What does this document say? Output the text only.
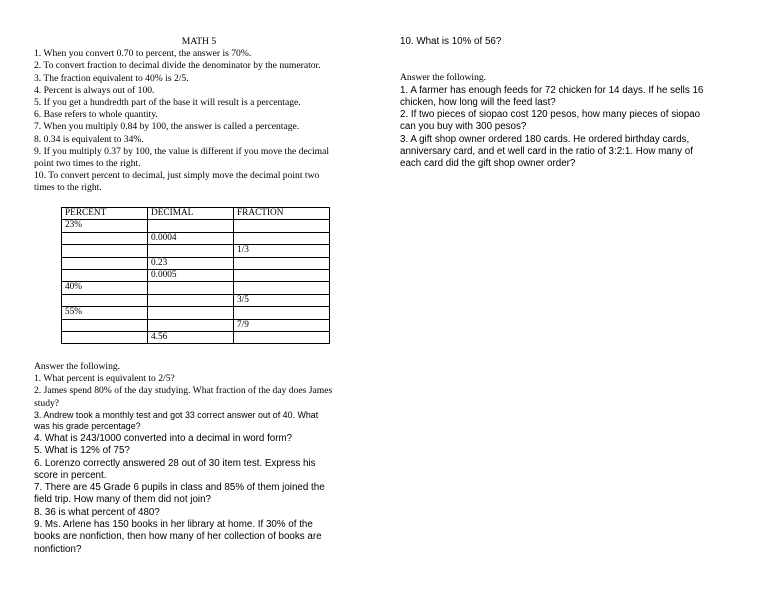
MATH 5
1. When you convert 0.70 to percent, the answer is 70%.
2. To convert fraction to decimal divide the denominator by the numerator.
3. The fraction equivalent to 40% is 2/5.
4. Percent is always out of 100.
5. If you get a hundredth part of the base it will result is a percentage.
6. Base refers to whole quantity.
7. When you multiply 0.84 by 100, the answer is called a percentage.
8. 0.34 is equivalent to 34%.
9. If you multiply 0.37 by 100, the value is different if you move the decimal
point two times to the right.
10. To convert percent to decimal, just simply move the decimal point two
times to the right.
PERCENT	DECIMAL	FRACTION
23%		
	0.0004	
		1/3
	0.23	
	0.0005	
40%		
		3/5
55%		
		7/9
	4.56	
Answer the following.
1. What percent is equivalent to 2/5?
2. James spend 80% of the day studying. What fraction of the day does James
study?
3. Andrew took a monthly test and got 33 correct answer out of 40. What
was his grade percentage?
4. What is 243/1000 converted into a decimal in word form?
5. What is 12% of 75?
6. Lorenzo correctly answered 28 out of 30 item test. Express his
score in percent.
7. There are 45 Grade 6 pupils in class and 85% of them joined the
field trip. How many of them did not join?
8. 36 is what percent of 480?
9. Ms. Arlene has 150 books in her library at home. If 30% of the
books are nonfiction, then how many of her collection of books are
nonfiction?
10. What is 10% of 56?
Answer the following.
1. A farmer has enough feeds for 72 chicken for 14 days. If he sells 16
chicken, how long will the feed last?
2. If two pieces of siopao cost 120 pesos, how many pieces of siopao
can you buy with 300 pesos?
3. A gift shop owner ordered 180 cards. He ordered birthday cards,
anniversary card, and et well card in the ratio of 3:2:1. How many of
each card did the gift shop owner order?
